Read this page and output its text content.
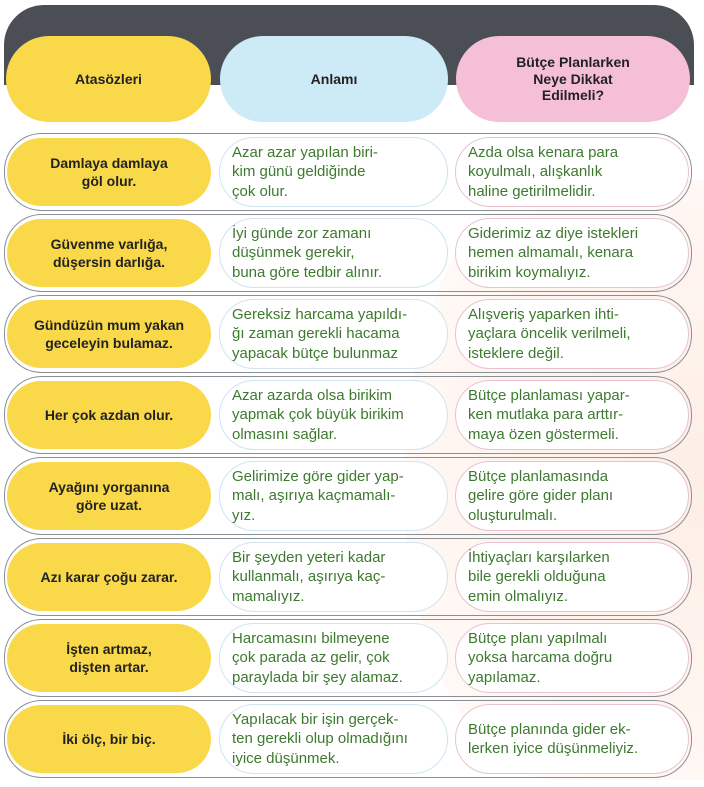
Atasözleri	Anlamı
Bütçe Planlarken
Neye Dikkat
Edilmeli?
Damlaya damlaya
göl olur.
Azar azar yapılan biri-
kim günü geldiğinde
çok olur.
Azda olsa kenara para
koyulmalı, alışkanlık
haline getirilmelidir.
Güvenme varlığa,
düşersin darlığa.
İyi günde zor zamanı
düşünmek gerekir,
buna göre tedbir alınır.
Giderimiz az diye istekleri
hemen almamalı, kenara
birikim koymalıyız.
Gündüzün mum yakan
geceleyin bulamaz.
Gereksiz harcama yapıldı-
ğı zaman gerekli hacama
yapacak bütçe bulunmaz
Alışveriş yaparken ihti-
yaçlara öncelik verilmeli,
isteklere değil.
Her çok azdan olur.
Azar azarda olsa birikim
yapmak çok büyük birikim
olmasını sağlar.
Bütçe planlaması yapar-
ken mutlaka para arttır-
maya özen göstermeli.
Ayağını yorganına
göre uzat.
Gelirimize göre gider yap-
malı, aşırıya kaçmamalı-
yız.
Bütçe planlamasında
gelire göre gider planı
oluşturulmalı.
Azı karar çoğu zarar.
Bir şeyden yeteri kadar
kullanmalı, aşırıya kaç-
mamalıyız.
İhtiyaçları karşılarken
bile gerekli olduğuna
emin olmalıyız.
İşten artmaz,
dişten artar.
Harcamasını bilmeyene
çok parada az gelir, çok
paraylada bir şey alamaz.
Bütçe planı yapılmalı
yoksa harcama doğru
yapılamaz.
İki ölç, bir biç.
Yapılacak bir işin gerçek-
ten gerekli olup olmadığını
iyice düşünmek.
Bütçe planında gider ek-
lerken iyice düşünmeliyiz.
